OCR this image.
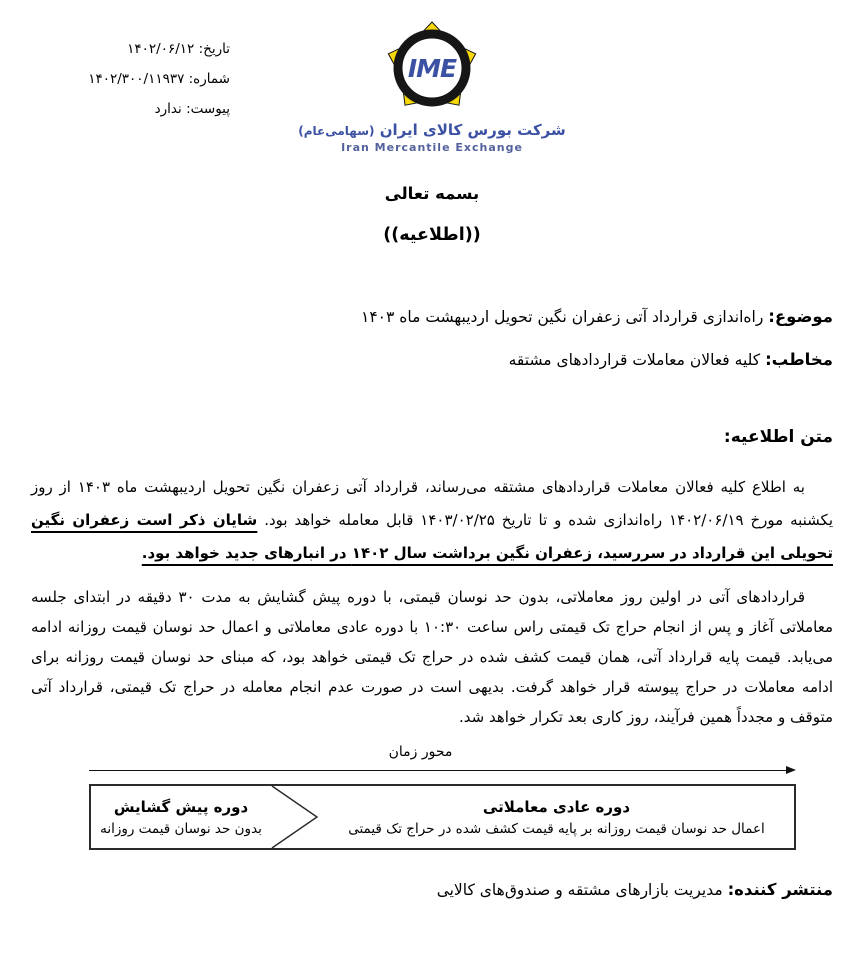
تاریخ: ۱۴۰۲/۰۶/۱۲
شماره: ۱۴۰۲/۳۰۰/۱۱۹۳۷
پیوست: ندارد
IME
شرکت بورس کالای ایران (سهامی‌عام)
Iran Mercantile Exchange
بسمه تعالی
((اطلاعیه))
موضوع: راه‌اندازی قرارداد آتی زعفران نگین تحویل اردیبهشت ماه ۱۴۰۳
مخاطب: کلیه فعالان معاملات قراردادهای مشتقه
متن اطلاعیه:

به اطلاع کلیه فعالان معاملات قراردادهای مشتقه می‌رساند، قرارداد آتی زعفران نگین تحویل اردیبهشت ماه ۱۴۰۳ از روز یکشنبه مورخ ۱۴۰۲/۰۶/۱۹ راه‌اندازی شده و تا تاریخ ۱۴۰۳/۰۲/۲۵ قابل معامله خواهد بود. شایان ذکر است زعفران نگین تحویلی این قرارداد در سررسید، زعفران نگین برداشت سال ۱۴۰۲ در انبارهای جدید خواهد بود.

قراردادهای آتی در اولین روز معاملاتی، بدون حد نوسان قیمتی، با دوره پیش گشایش به مدت ۳۰ دقیقه در ابتدای جلسه معاملاتی آغاز و پس از انجام حراج تک قیمتی راس ساعت ۱۰:۳۰ با دوره عادی معاملاتی و اعمال حد نوسان قیمت روزانه ادامه می‌یابد. قیمت پایه قرارداد آتی، همان قیمت کشف شده در حراج تک قیمتی خواهد بود، که مبنای حد نوسان قیمت روزانه برای ادامه معاملات در حراج پیوسته قرار خواهد گرفت. بدیهی است در صورت عدم انجام معامله در حراج تک قیمتی، قرارداد آتی متوقف و مجدداً همین فرآیند، روز کاری بعد تکرار خواهد شد.

محور زمان
دوره پیش گشایش
بدون حد نوسان قیمت روزانه
دوره عادی معاملاتی
اعمال حد نوسان قیمت روزانه بر پایه قیمت کشف شده در حراج تک قیمتی
منتشر کننده: مدیریت بازارهای مشتقه و صندوق‌های کالایی
